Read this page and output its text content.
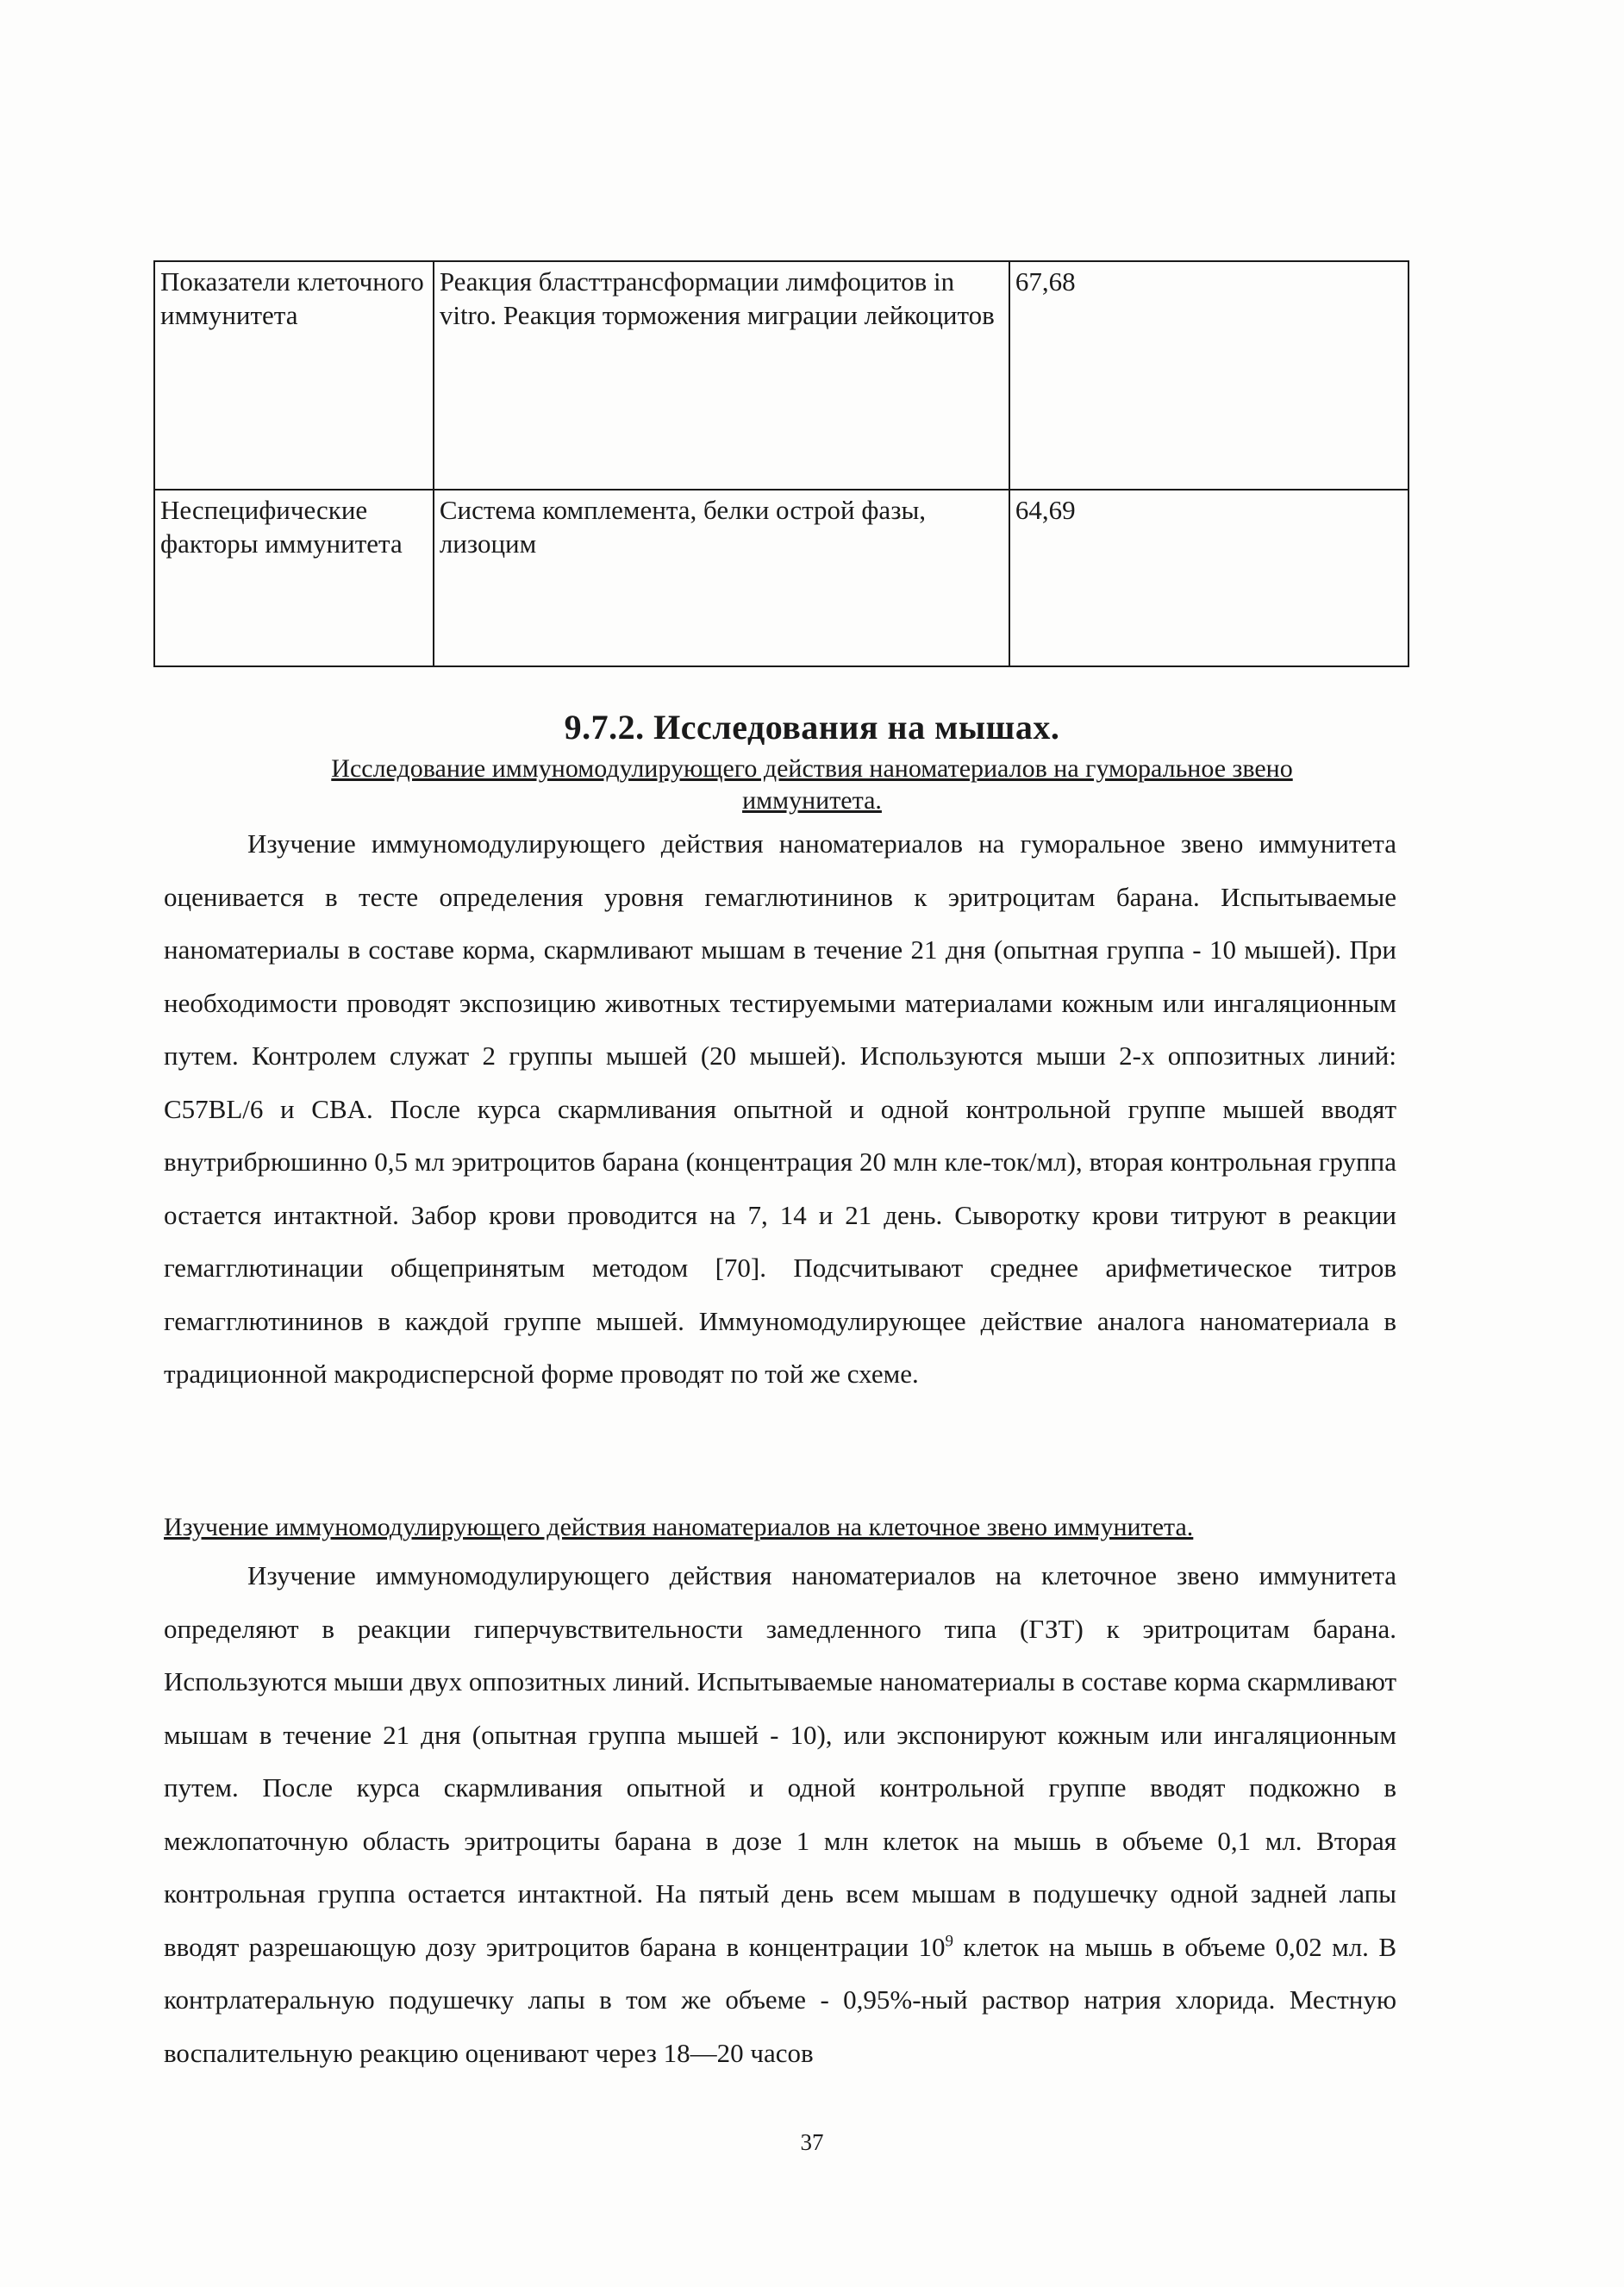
Показатели клеточного иммунитета	Реакция бласттрансформации лимфоцитов in vitro. Реакция торможения миграции лейкоцитов	67,68
Неспецифические факторы иммунитета	Система комплемента, белки острой фазы, лизоцим	64,69
9.7.2. Исследования на мышах.
Исследование иммуномодулирующего действия наноматериалов на гуморальное звено
иммунитета.
Изучение иммуномодулирующего действия наноматериалов на гуморальное звено иммунитета оценивается в тесте определения уровня гемаглютининов к эритроцитам барана. Испытываемые наноматериалы в составе корма, скармливают мышам в течение 21 дня (опытная группа - 10 мышей). При необходимости проводят экспозицию животных тестируемыми материалами кожным или ингаляционным путем. Контролем служат 2 группы мышей (20 мышей). Используются мыши 2-х оппозитных линий: C57BL/6 и CBA. После курса скармливания опытной и одной контрольной группе мышей вводят внутрибрюшинно 0,5 мл эритроцитов барана (концентрация 20 млн кле-ток/мл), вторая контрольная группа остается интактной. Забор крови проводится на 7, 14 и 21 день. Сыворотку крови титруют в реакции гемагглютинации общепринятым методом [70]. Подсчитывают среднее арифметическое титров гемагглютининов в каждой группе мышей. Иммуномодулирующее действие аналога наноматериала в традиционной макродисперсной форме проводят по той же схеме.
Изучение иммуномодулирующего действия наноматериалов на клеточное звено иммунитета.
Изучение иммуномодулирующего действия наноматериалов на клеточное звено иммунитета определяют в реакции гиперчувствительности замедленного типа (ГЗТ) к эритроцитам барана. Используются мыши двух оппозитных линий. Испытываемые наноматериалы в составе корма скармливают мышам в течение 21 дня (опытная группа мышей - 10), или экспонируют кожным или ингаляционным путем. После курса скармливания опытной и одной контрольной группе вводят подкожно в межлопаточную область эритроциты барана в дозе 1 млн клеток на мышь в объеме 0,1 мл. Вторая контрольная группа остается интактной. На пятый день всем мышам в подушечку одной задней лапы вводят разрешающую дозу эритроцитов барана в концентрации $10^9$ клеток на мышь в объеме 0,02 мл. В контрлатеральную подушечку лапы в том же объеме - 0,95%-ный раствор натрия хлорида. Местную воспалительную реакцию оценивают через 18—20 часов
37
